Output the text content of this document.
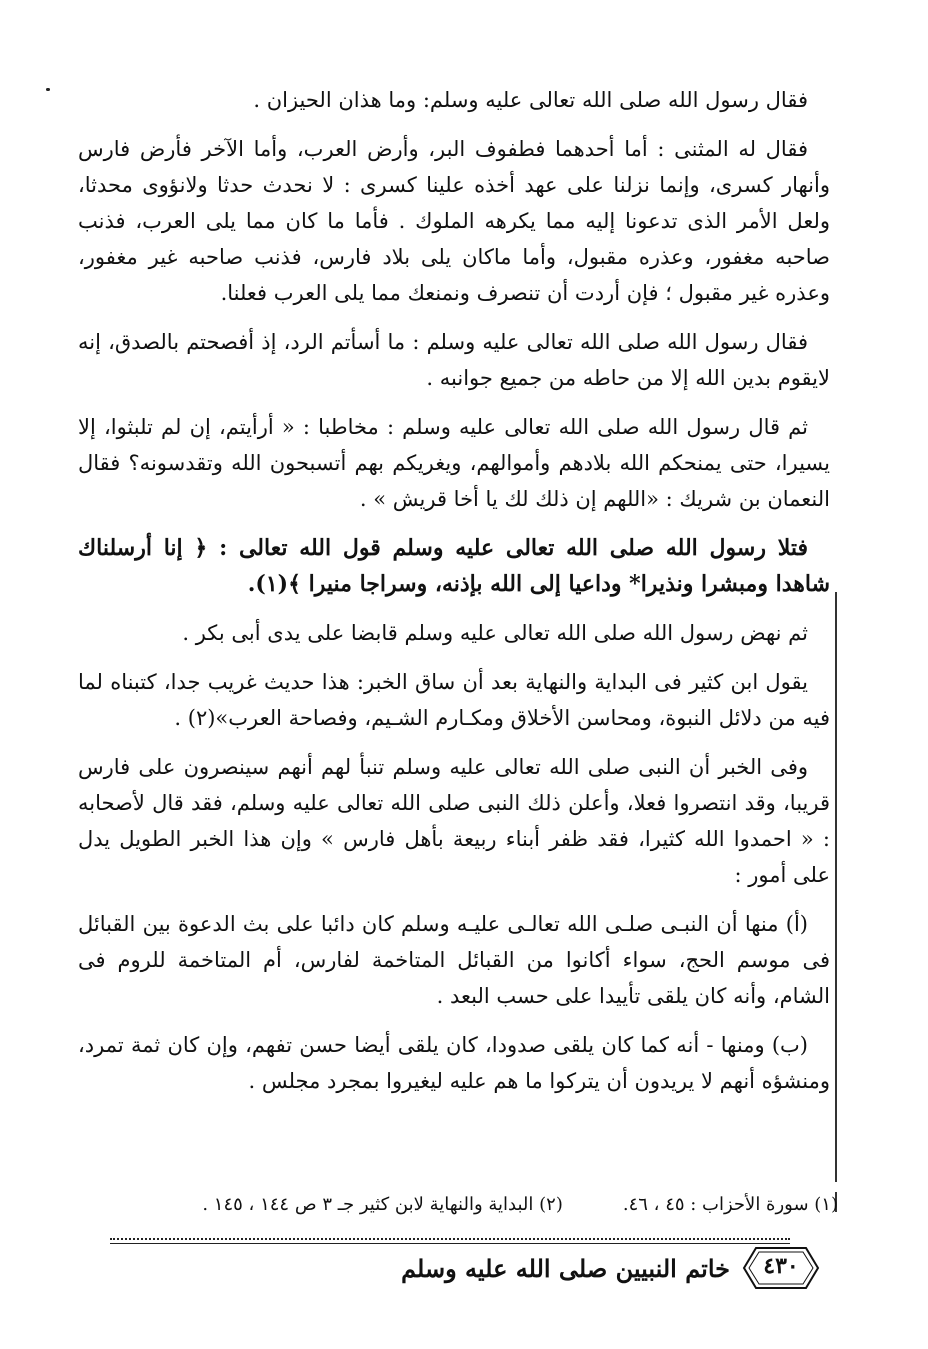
فقال رسول الله صلى الله تعالى عليه وسلم: وما هذان الحيزان .

فقال له المثنى : أما أحدهما فطفوف البر، وأرض العرب، وأما الآخر فأرض فارس وأنهار كسرى، وإنما نزلنا على عهد أخذه علينا كسرى : لا نحدث حدثا ولانؤوى محدثا، ولعل الأمر الذى تدعونا إليه مما يكرهه الملوك . فأما ما كان مما يلى العرب، فذنب صاحبه مغفور، وعذره مقبول، وأما ماكان يلى بلاد فارس، فذنب صاحبه غير مغفور، وعذره غير مقبول ؛ فإن أردت أن تنصرف ونمنعك مما يلى العرب فعلنا.

فقال رسول الله صلى الله تعالى عليه وسلم : ما أسأتم الرد، إذ أفصحتم بالصدق، إنه لايقوم بدين الله إلا من حاطه من جميع جوانبه .

ثم قال رسول الله صلى الله تعالى عليه وسلم : مخاطبا : « أرأيتم، إن لم تلبثوا، إلا يسيرا، حتى يمنحكم الله بلادهم وأموالهم، ويغريكم بهم أتسبحون الله وتقدسونه؟ فقال النعمان بن شريك : «اللهم إن ذلك لك يا أخا قريش » .

فتلا رسول الله صلى الله تعالى عليه وسلم قول الله تعالى : ﴿ إنا أرسلناك شاهدا ومبشرا ونذيرا* وداعيا إلى الله بإذنه، وسراجا منيرا ﴾(١).

ثم نهض رسول الله صلى الله تعالى عليه وسلم قابضا على يدى أبى بكر .

يقول ابن كثير فى البداية والنهاية بعد أن ساق الخبر: هذا حديث غريب جدا، كتبناه لما فيه من دلائل النبوة، ومحاسن الأخلاق ومكـارم الشـيم، وفصاحة العرب»(٢) .

وفى الخبر أن النبى صلى الله تعالى عليه وسلم تنبأ لهم أنهم سينصرون على فارس قريبا، وقد انتصروا فعلا، وأعلن ذلك النبى صلى الله تعالى عليه وسلم، فقد قال لأصحابه : « احمدوا الله كثيرا، فقد ظفر أبناء ربيعة بأهل فارس » وإن هذا الخبر الطويل يدل على أمور :

(أ) منها أن النبـى صلـى الله تعالـى عليـه وسلم كان دائبا على بث الدعوة بين القبائل فى موسم الحج، سواء أكانوا من القبائل المتاخمة لفارس، أم المتاخمة للروم فى الشام، وأنه كان يلقى تأييدا على حسب البعد .

(ب) ومنها - أنه كما كان يلقى صدودا، كان يلقى أيضا حسن تفهم، وإن كان ثمة تمرد، ومنشؤه أنهم لا يريدون أن يتركوا ما هم عليه ليغيروا بمجرد مجلس .

(١) سورة الأحزاب : ٤٥ ، ٤٦.
(٢) البداية والنهاية لابن كثير جـ ٣ ص ١٤٤ ، ١٤٥ .
خاتم النبيين صلى الله عليه وسلم	٤٣٠
